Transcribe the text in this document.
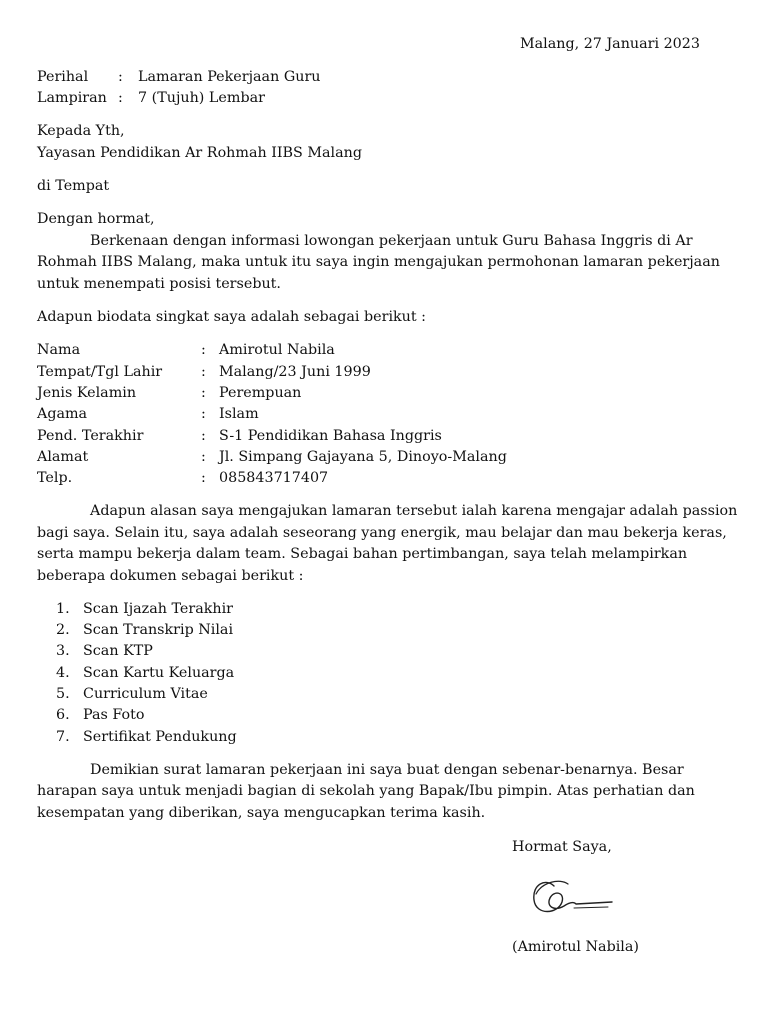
Malang, 27 Januari 2023
Perihal : Lamaran Pekerjaan Guru
Lampiran : 7 (Tujuh) Lembar
Kepada Yth,
Yayasan Pendidikan Ar Rohmah IIBS Malang
di Tempat
Dengan hormat,
Berkenaan dengan informasi lowongan pekerjaan untuk Guru Bahasa Inggris di Ar
Rohmah IIBS Malang, maka untuk itu saya ingin mengajukan permohonan lamaran pekerjaan
untuk menempati posisi tersebut.
Adapun biodata singkat saya adalah sebagai berikut :
Nama	: Amirotul Nabila
Tempat/Tgl Lahir	: Malang/23 Juni 1999
Jenis Kelamin	: Perempuan
Agama	: Islam
Pend. Terakhir	: S-1 Pendidikan Bahasa Inggris
Alamat	: Jl. Simpang Gajayana 5, Dinoyo-Malang
Telp.	: 085843717407
Adapun alasan saya mengajukan lamaran tersebut ialah karena mengajar adalah passion
bagi saya. Selain itu, saya adalah seseorang yang energik, mau belajar dan mau bekerja keras,
serta mampu bekerja dalam team. Sebagai bahan pertimbangan, saya telah melampirkan
beberapa dokumen sebagai berikut :
1. Scan Ijazah Terakhir
2. Scan Transkrip Nilai
3. Scan KTP
4. Scan Kartu Keluarga
5. Curriculum Vitae
6. Pas Foto
7. Sertifikat Pendukung
Demikian surat lamaran pekerjaan ini saya buat dengan sebenar-benarnya. Besar
harapan saya untuk menjadi bagian di sekolah yang Bapak/Ibu pimpin. Atas perhatian dan
kesempatan yang diberikan, saya mengucapkan terima kasih.
Hormat Saya,
(Amirotul Nabila)
